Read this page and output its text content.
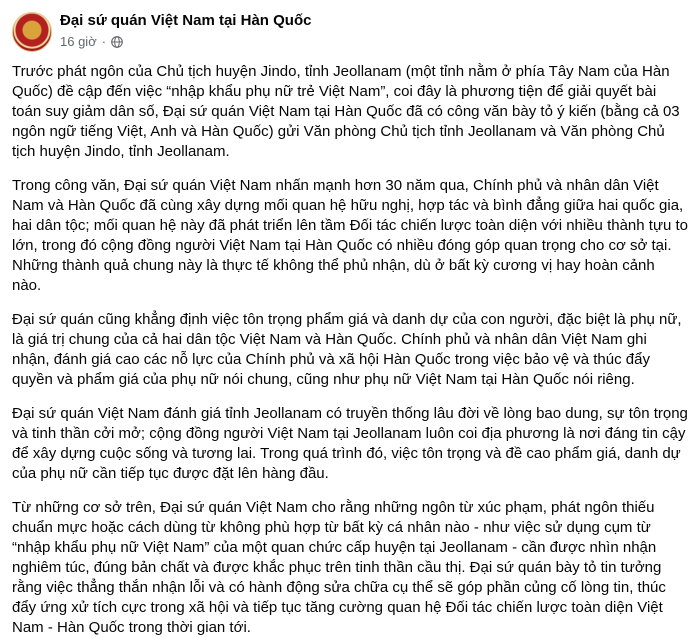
Đại sứ quán Việt Nam tại Hàn Quốc
16 giờ ·

Trước phát ngôn của Chủ tịch huyện Jindo, tỉnh Jeollanam (một tỉnh nằm ở phía Tây Nam của Hàn Quốc) đề cập đến việc “nhập khẩu phụ nữ trẻ Việt Nam”, coi đây là phương tiện để giải quyết bài toán suy giảm dân số, Đại sứ quán Việt Nam tại Hàn Quốc đã có công văn bày tỏ ý kiến (bằng cả 03 ngôn ngữ tiếng Việt, Anh và Hàn Quốc) gửi Văn phòng Chủ tịch tỉnh Jeollanam và Văn phòng Chủ tịch huyện Jindo, tỉnh Jeollanam.

Trong công văn, Đại sứ quán Việt Nam nhấn mạnh hơn 30 năm qua, Chính phủ và nhân dân Việt Nam và Hàn Quốc đã cùng xây dựng mối quan hệ hữu nghị, hợp tác và bình đẳng giữa hai quốc gia, hai dân tộc; mối quan hệ này đã phát triển lên tầm Đối tác chiến lược toàn diện với nhiều thành tựu to lớn, trong đó cộng đồng người Việt Nam tại Hàn Quốc có nhiều đóng góp quan trọng cho cơ sở tại. Những thành quả chung này là thực tế không thể phủ nhận, dù ở bất kỳ cương vị hay hoàn cảnh nào.

Đại sứ quán cũng khẳng định việc tôn trọng phẩm giá và danh dự của con người, đặc biệt là phụ nữ, là giá trị chung của cả hai dân tộc Việt Nam và Hàn Quốc. Chính phủ và nhân dân Việt Nam ghi nhận, đánh giá cao các nỗ lực của Chính phủ và xã hội Hàn Quốc trong việc bảo vệ và thúc đẩy quyền và phẩm giá của phụ nữ nói chung, cũng như phụ nữ Việt Nam tại Hàn Quốc nói riêng.

Đại sứ quán Việt Nam đánh giá tỉnh Jeollanam có truyền thống lâu đời về lòng bao dung, sự tôn trọng và tinh thần cởi mở; cộng đồng người Việt Nam tại Jeollanam luôn coi địa phương là nơi đáng tin cậy để xây dựng cuộc sống và tương lai. Trong quá trình đó, việc tôn trọng và đề cao phẩm giá, danh dự của phụ nữ cần tiếp tục được đặt lên hàng đầu.

Từ những cơ sở trên, Đại sứ quán Việt Nam cho rằng những ngôn từ xúc phạm, phát ngôn thiếu chuẩn mực hoặc cách dùng từ không phù hợp từ bất kỳ cá nhân nào - như việc sử dụng cụm từ “nhập khẩu phụ nữ Việt Nam” của một quan chức cấp huyện tại Jeollanam - cần được nhìn nhận nghiêm túc, đúng bản chất và được khắc phục trên tinh thần cầu thị. Đại sứ quán bày tỏ tin tưởng rằng việc thẳng thắn nhận lỗi và có hành động sửa chữa cụ thể sẽ góp phần củng cố lòng tin, thúc đẩy ứng xử tích cực trong xã hội và tiếp tục tăng cường quan hệ Đối tác chiến lược toàn diện Việt Nam - Hàn Quốc trong thời gian tới.
